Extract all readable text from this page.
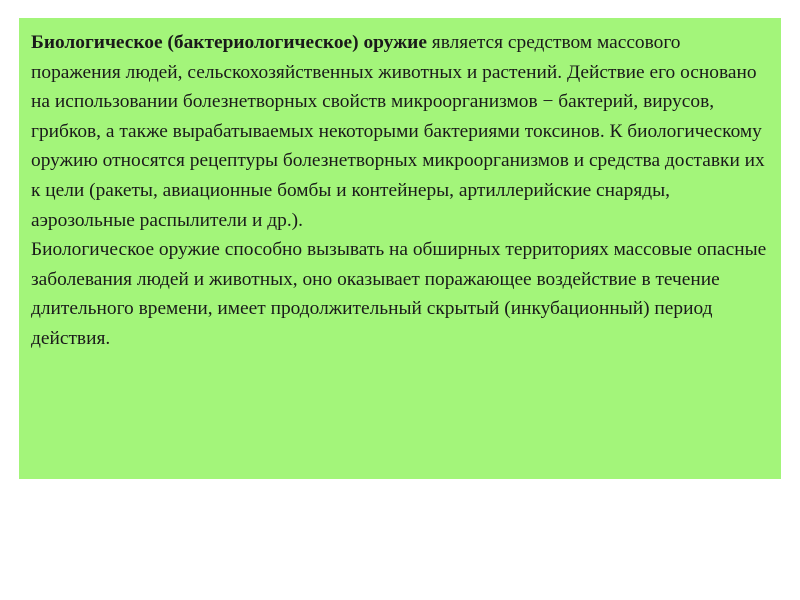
Биологическое (бактериологическое) оружие является средством массового поражения людей, сельскохозяйственных животных и растений. Действие его основано на использовании болезнетворных свойств микроорганизмов − бактерий, вирусов, грибков, а также вырабатываемых некоторыми бактериями токсинов. К биологическому оружию относятся рецептуры болезнетворных микроорганизмов и средства доставки их к цели (ракеты, авиационные бомбы и контейнеры, артиллерийские снаряды, аэрозольные распылители и др.).

Биологическое оружие способно вызывать на обширных территориях массовые опасные заболевания людей и животных, оно оказывает поражающее воздействие в течение длительного времени, имеет продолжительный скрытый (инкубационный) период действия.
